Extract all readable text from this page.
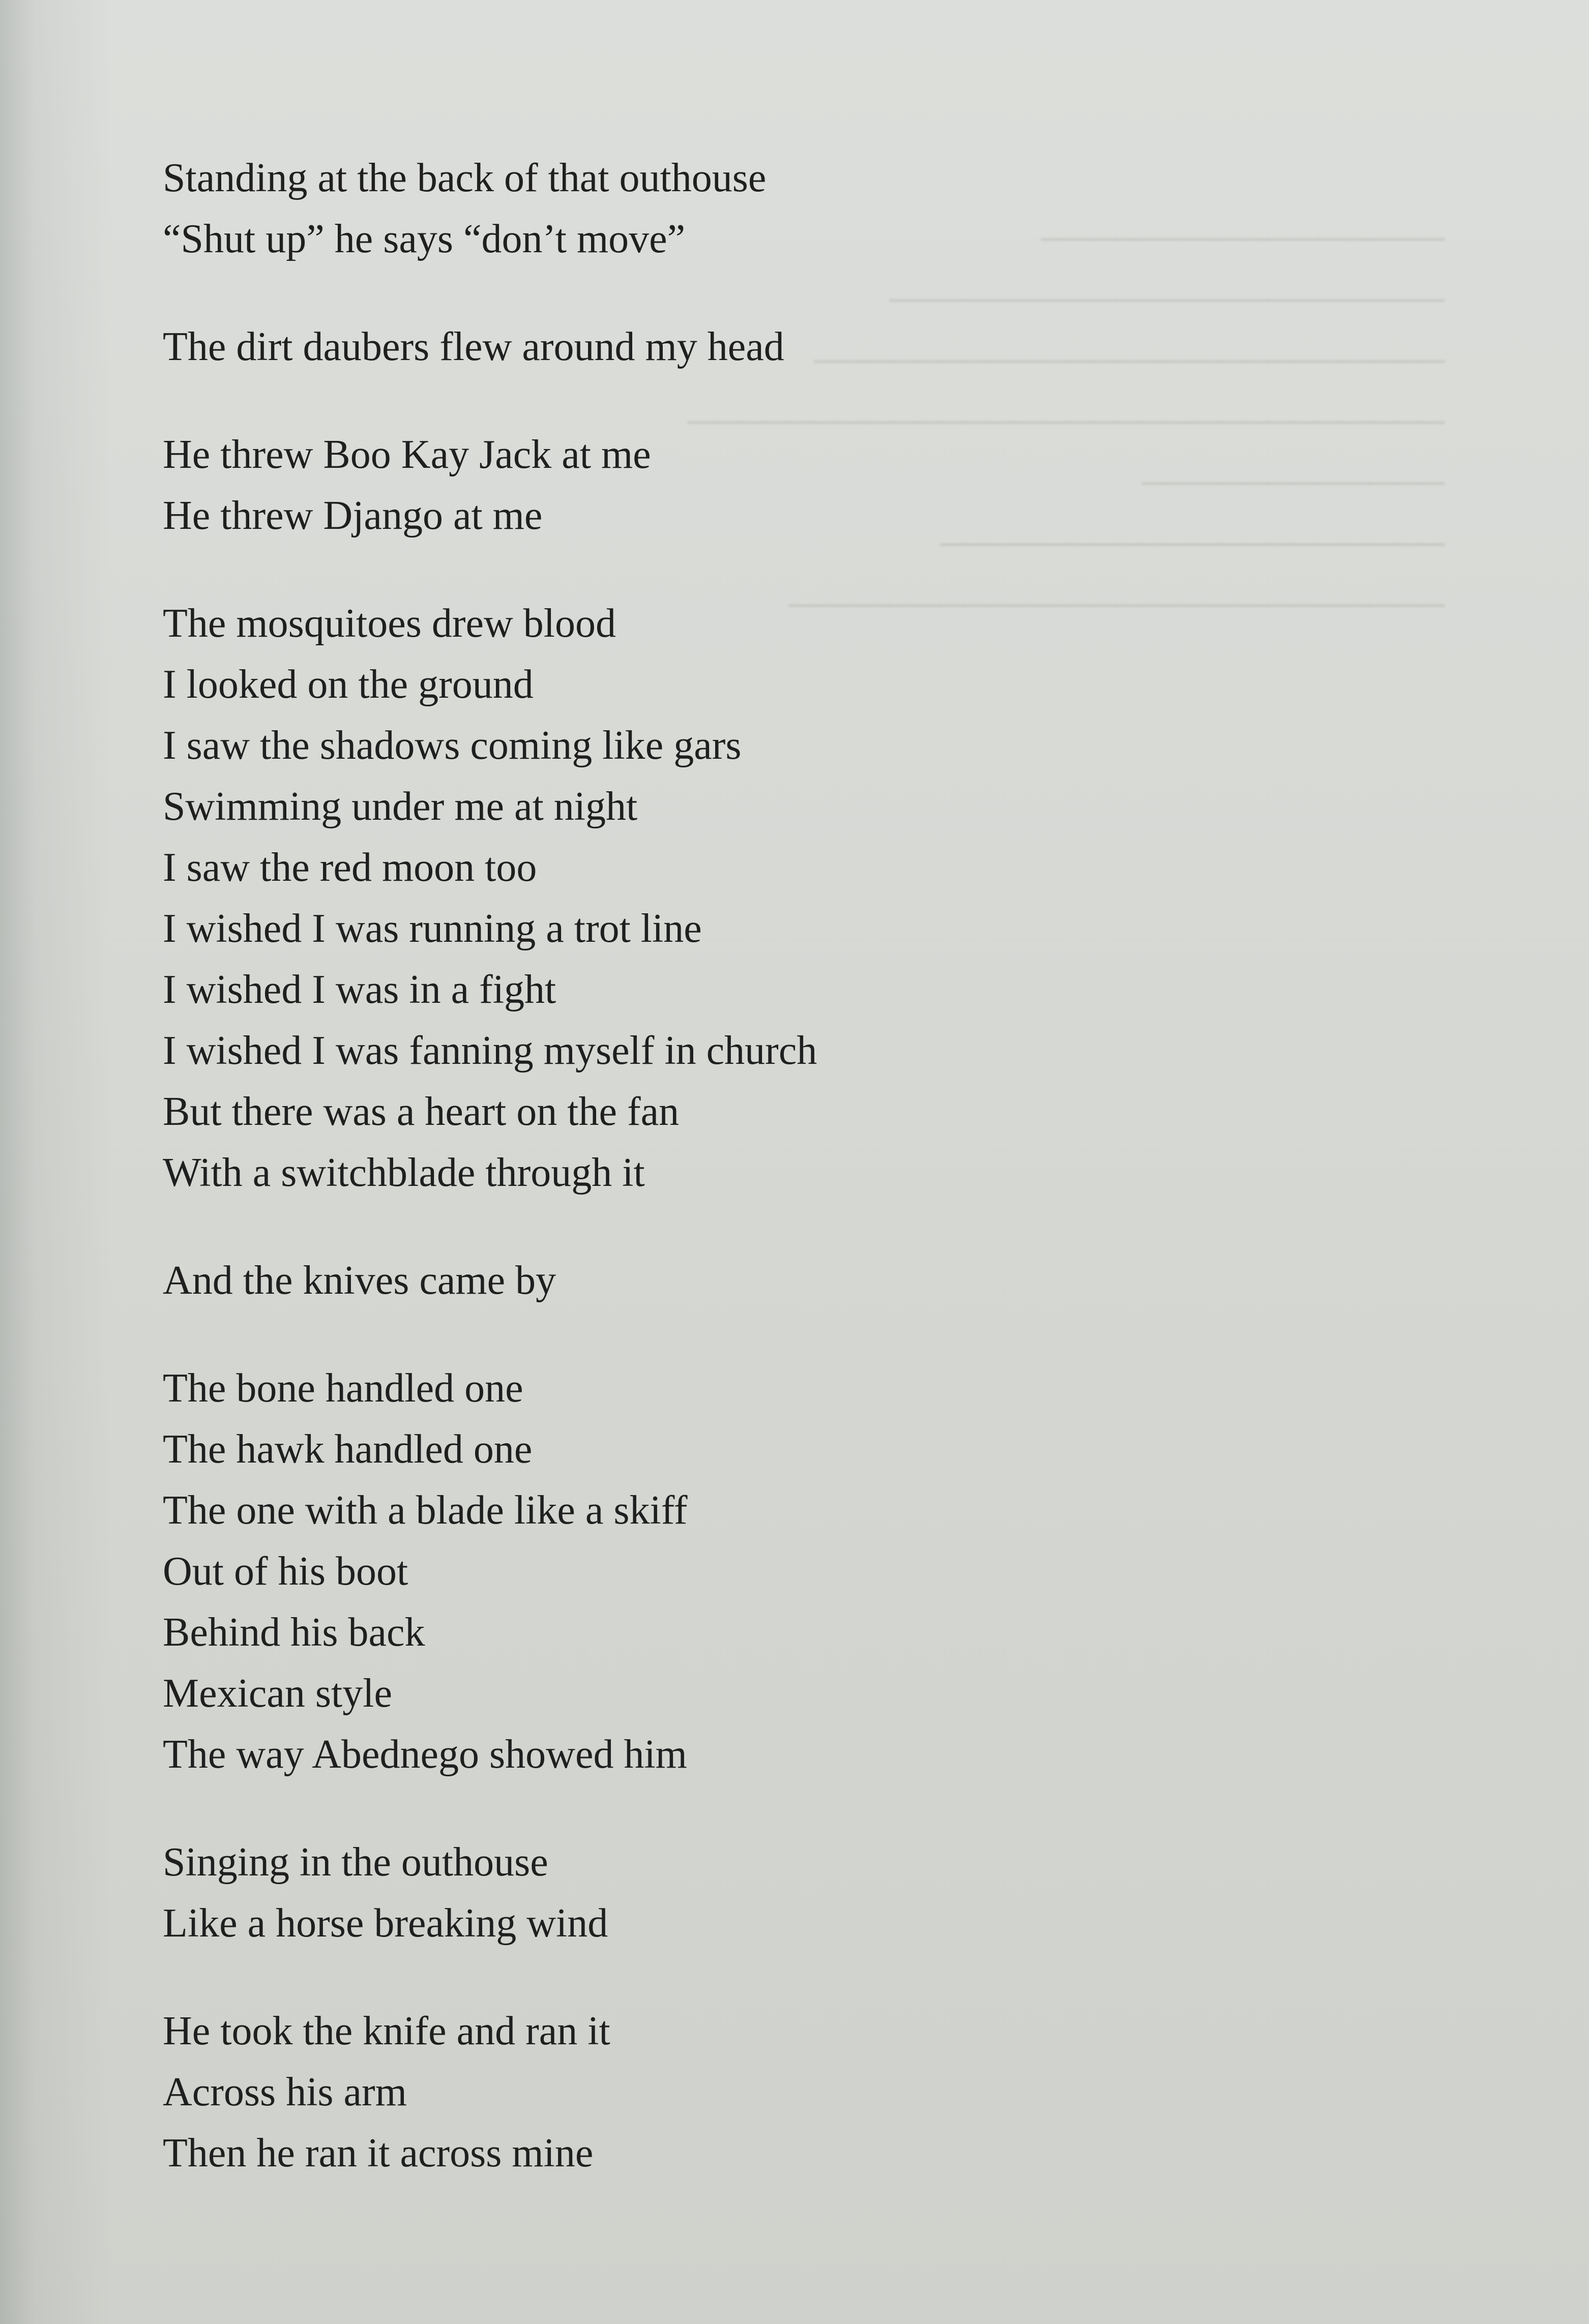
────────────────
──────────────────────
─────────────────────────
──────────────────────────────
────────────
────────────────────
──────────────────────────

Standing at the back of that outhouse
“Shut up” he says “don’t move”
The dirt daubers flew around my head
He threw Boo Kay Jack at me
He threw Django at me
The mosquitoes drew blood
I looked on the ground
I saw the shadows coming like gars
Swimming under me at night
I saw the red moon too
I wished I was running a trot line
I wished I was in a fight
I wished I was fanning myself in church
But there was a heart on the fan
With a switchblade through it
And the knives came by
The bone handled one
The hawk handled one
The one with a blade like a skiff
Out of his boot
Behind his back
Mexican style
The way Abednego showed him
Singing in the outhouse
Like a horse breaking wind
He took the knife and ran it
Across his arm
Then he ran it across mine
